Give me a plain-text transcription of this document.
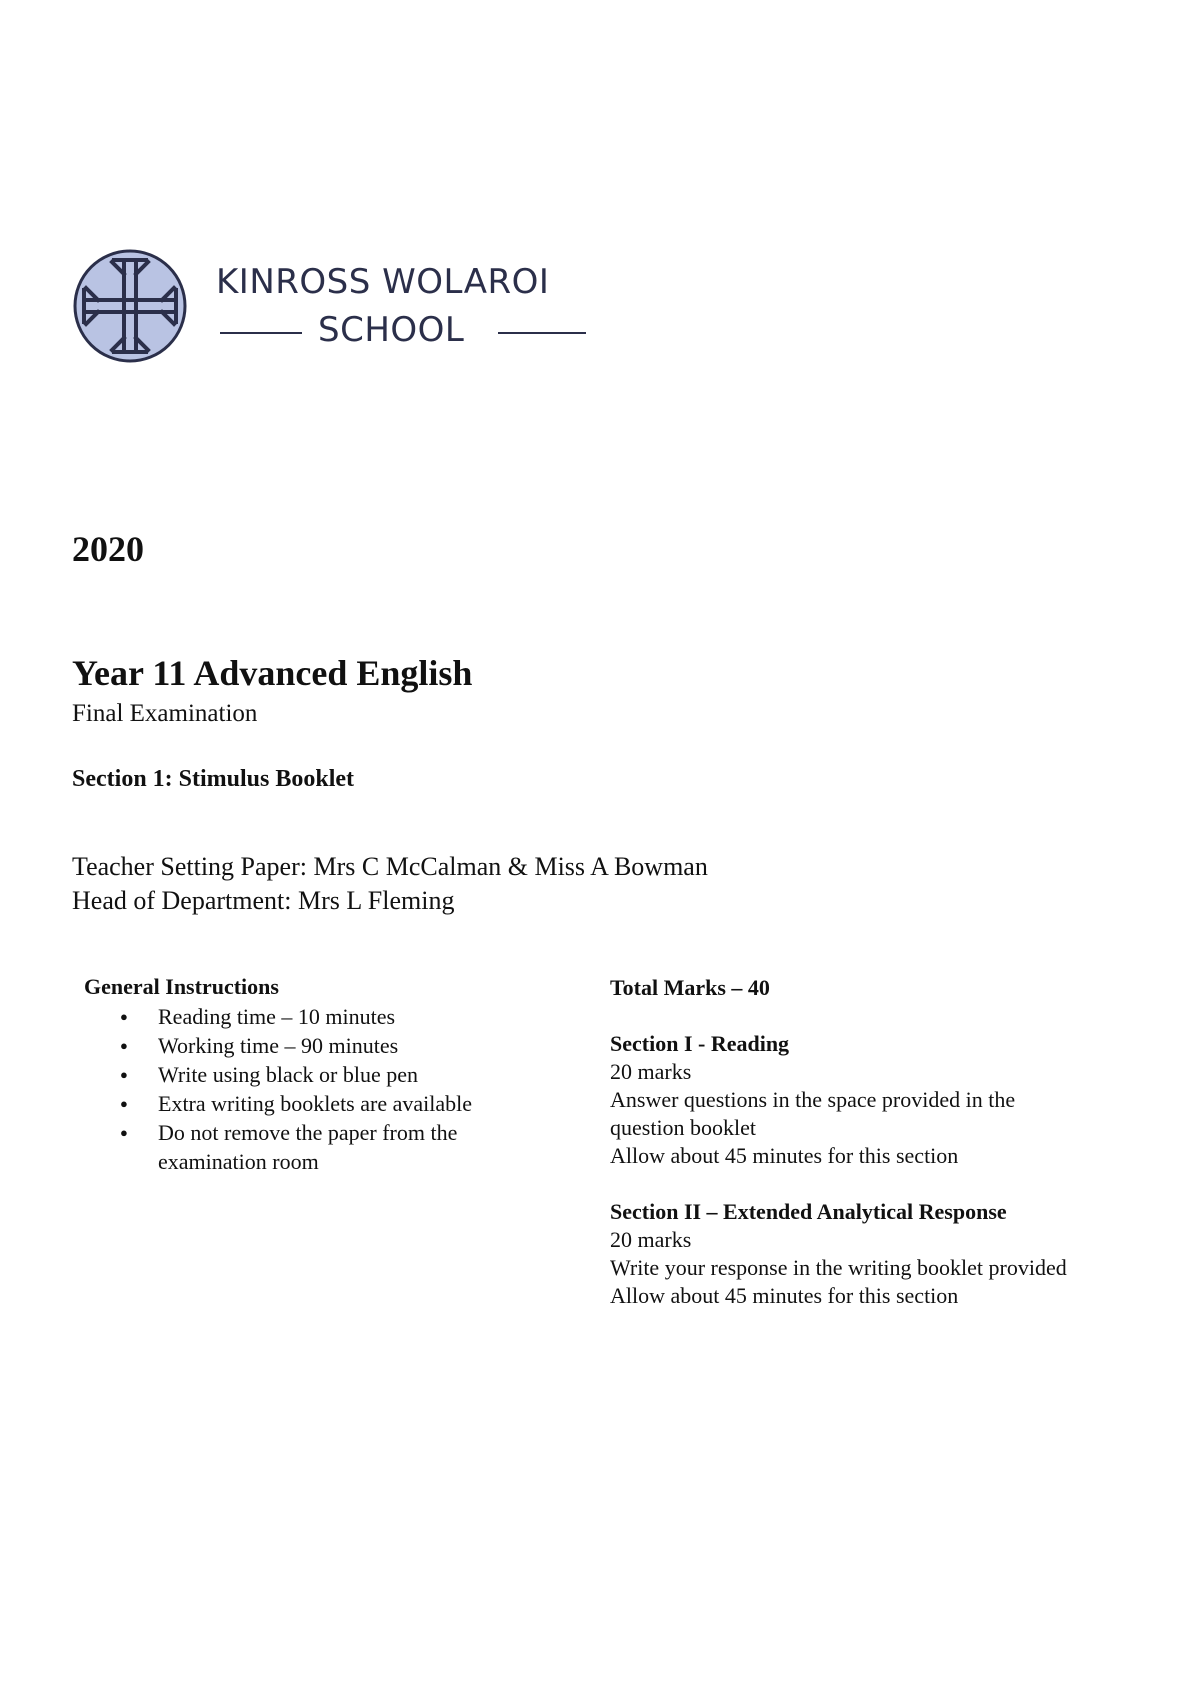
KINROSS WOLAROI
SCHOOL
2020
Year 11 Advanced English
Final Examination
Section 1: Stimulus Booklet
Teacher Setting Paper: Mrs C McCalman & Miss A Bowman
Head of Department: Mrs L Fleming
General Instructions
● Reading time – 10 minutes
● Working time – 90 minutes
● Write using black or blue pen
● Extra writing booklets are available
● Do not remove the paper from the examination room
Total Marks – 40
Section I - Reading
20 marks
Answer questions in the space provided in the question booklet
Allow about 45 minutes for this section
Section II – Extended Analytical Response
20 marks
Write your response in the writing booklet provided
Allow about 45 minutes for this section
